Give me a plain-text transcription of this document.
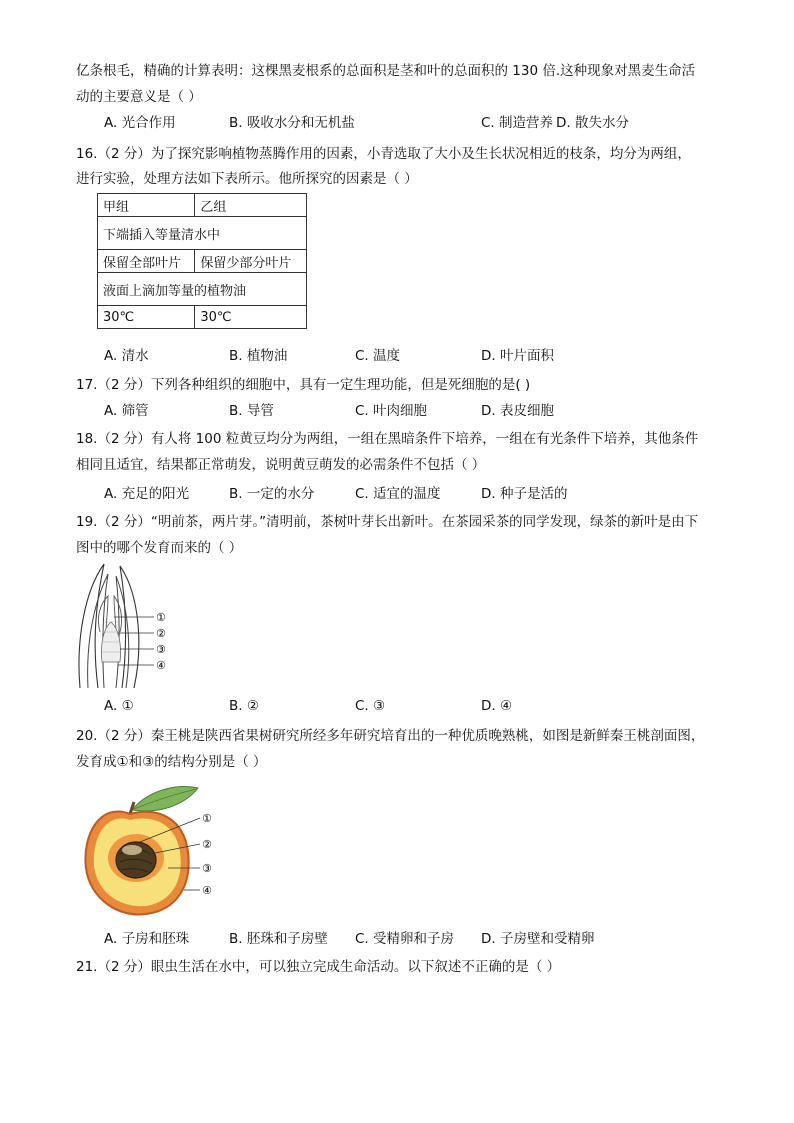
亿条根毛，精确的计算表明：这棵黑麦根系的总面积是茎和叶的总面积的 130 倍.这种现象对黑麦生命活
动的主要意义是（ ）
A. 光合作用	B. 吸收水分和无机盐	C. 制造营养 D. 散失水分
16.（2 分）为了探究影响植物蒸腾作用的因素，小青选取了大小及生长状况相近的枝条，均分为两组，
进行实验，处理方法如下表所示。他所探究的因素是（ ）
甲组	乙组
下端插入等量清水中	
保留全部叶片	保留少部分叶片
液面上滴加等量的植物油	
30℃	30℃
A. 清水	B. 植物油	C. 温度	D. 叶片面积
17.（2 分）下列各种组织的细胞中，具有一定生理功能，但是死细胞的是( )
A. 筛管	B. 导管	C. 叶肉细胞	D. 表皮细胞
18.（2 分）有人将 100 粒黄豆均分为两组，一组在黑暗条件下培养，一组在有光条件下培养，其他条件
相同且适宜，结果都正常萌发，说明黄豆萌发的必需条件不包括（ ）
A. 充足的阳光	B. 一定的水分	C. 适宜的温度	D. 种子是活的
19.（2 分）“明前茶，两片芽。”清明前，茶树叶芽长出新叶。在茶园采茶的同学发现，绿茶的新叶是由下
图中的哪个发育而来的（ ）
①
②
③
④
A. ①	B. ②	C. ③	D. ④
20.（2 分）秦王桃是陕西省果树研究所经多年研究培育出的一种优质晚熟桃，如图是新鲜秦王桃剖面图，
发育成①和③的结构分别是（ ）
①
②
③
④
A. 子房和胚珠	B. 胚珠和子房壁 C. 受精卵和子房 D. 子房壁和受精卵
21.（2 分）眼虫生活在水中，可以独立完成生命活动。以下叙述不正确的是（ ）
